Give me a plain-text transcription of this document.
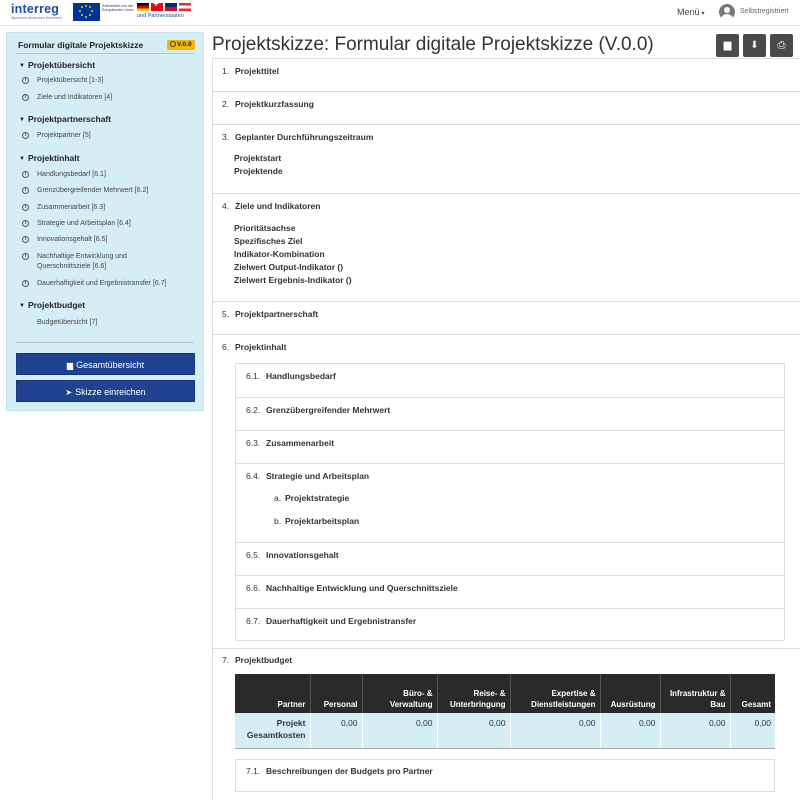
interreg
Alpenrhein-Bodensee-Hochrhein
Kofinanziert von der Europäischen Union
+
und Partnerstaaten	Menü ▾	Selbstregistriert
Formular digitale Projektskizze	V.0.0
▼ Projektübersicht
i	Projektübersicht [1-3]
i	Ziele und Indikatoren [4]
▼ Projektpartnerschaft
i	Projektpartner [5]
▼ Projektinhalt
i	Handlungsbedarf [6.1]
i	Grenzübergreifender Mehrwert [6.2]
i	Zusammenarbeit [6.3]
i	Strategie und Arbeitsplan [6.4]
i	Innovationsgehalt [6.5]
i	Nachhaltige Entwicklung und
Querschnittsziele [6.6]
i	Dauerhaftigkeit und Ergebnistransfer [6.7]
▼ Projektbudget
Budgetübersicht [7]
▆ Gesamtübersicht
➤ Skizze einreichen
Projektskizze: Formular digitale Projektskizze (V.0.0)	▆	⬇	⎙
1. Projekttitel
2. Projektkurzfassung
3. Geplanter Durchführungszeitraum
Projektstart
Projektende
4. Ziele und Indikatoren
Prioritätsachse
Spezifisches Ziel
Indikator-Kombination
Zielwert Output-Indikator ()
Zielwert Ergebnis-Indikator ()
5. Projektpartnerschaft
6. Projektinhalt
6.1. Handlungsbedarf
6.2. Grenzübergreifender Mehrwert
6.3. Zusammenarbeit
6.4. Strategie und Arbeitsplan
a. Projektstrategie
b. Projektarbeitsplan
6.5. Innovationsgehalt
6.6. Nachhaltige Entwicklung und Querschnittsziele
6.7. Dauerhaftigkeit und Ergebnistransfer
7. Projektbudget
Partner	Personal	Büro- & Verwaltung	Reise- & Unterbringung	Expertise & Dienstleistungen	Ausrüstung	Infrastruktur & Bau	Gesamt
Projekt
Gesamtkosten	0,00	0,00	0,00	0,00	0,00	0,00	0,00
7.1. Beschreibungen der Budgets pro Partner
